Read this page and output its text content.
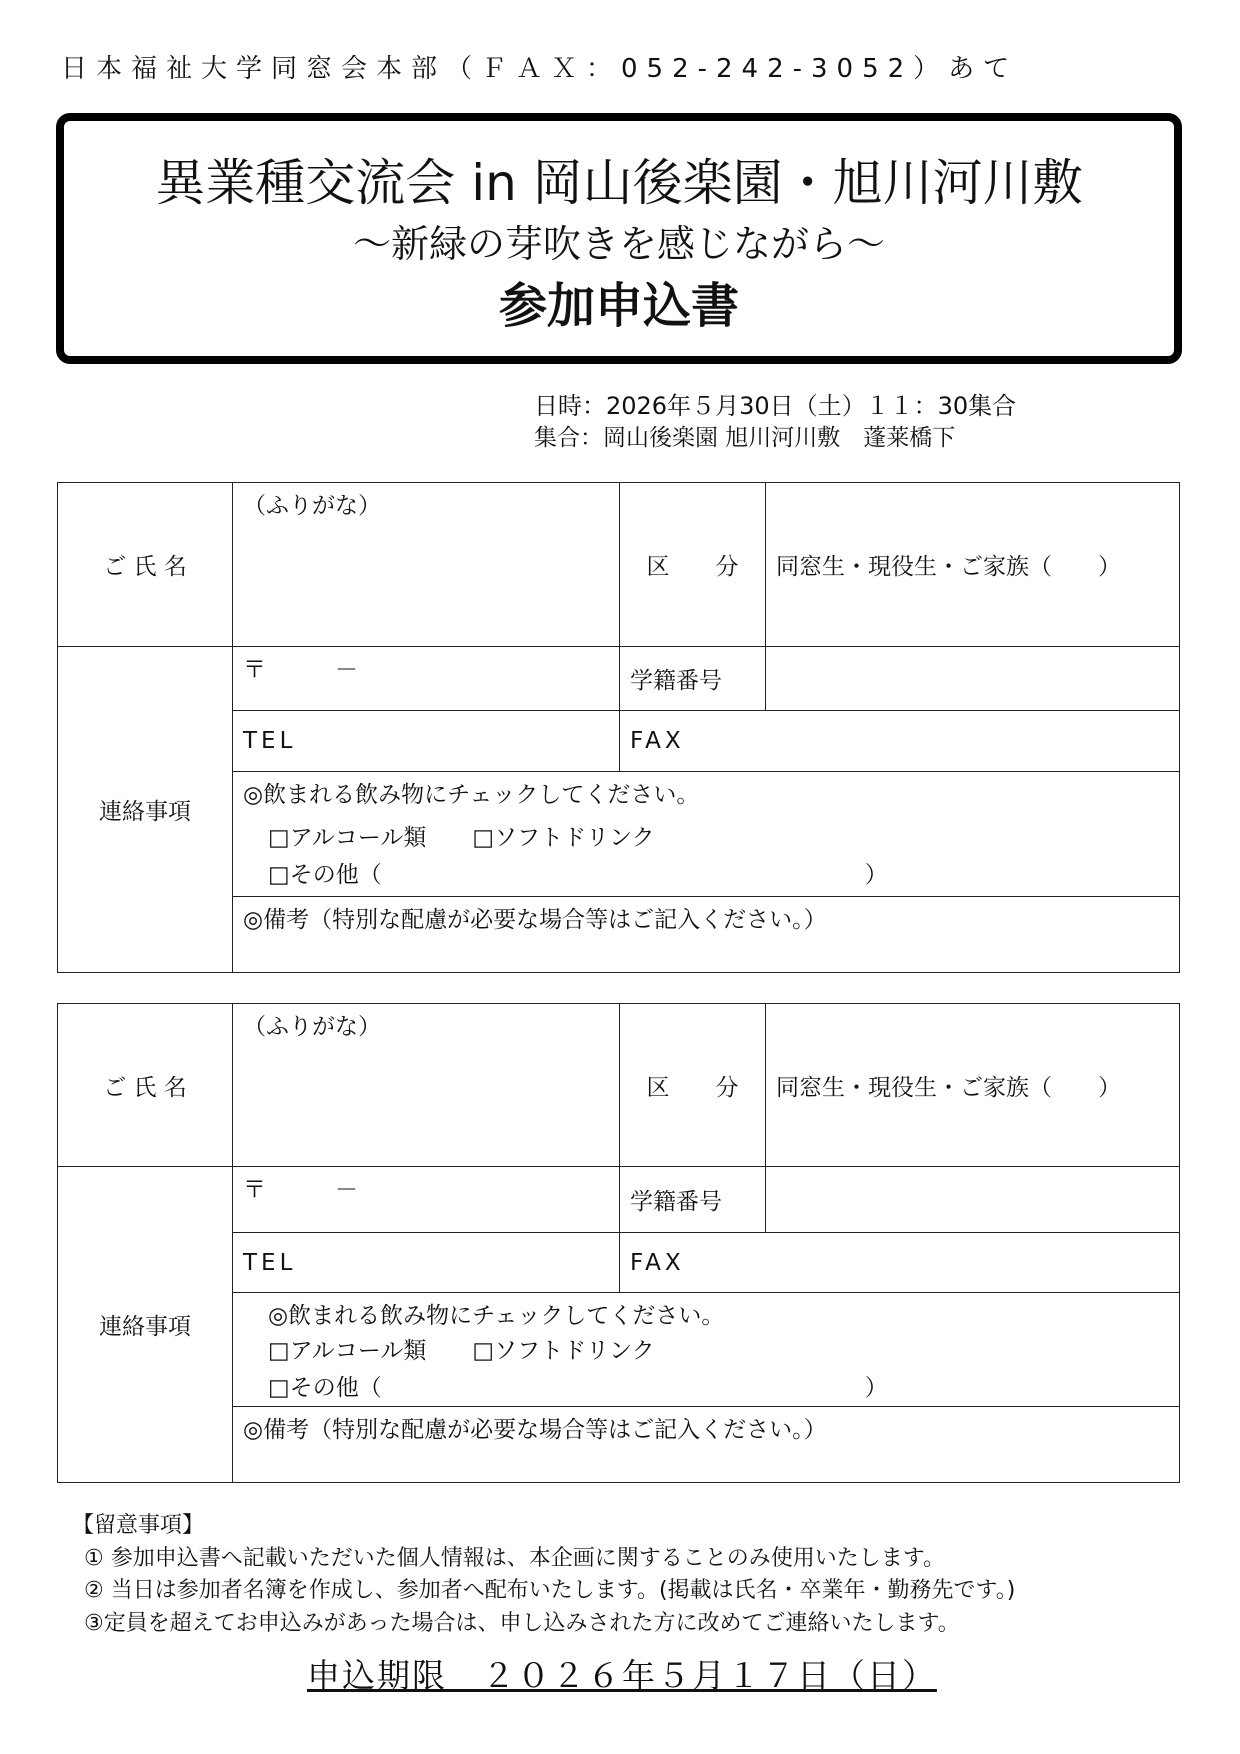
日本福祉大学同窓会本部（ＦＡＸ：052-242-3052）あて
異業種交流会 in 岡山後楽園・旭川河川敷
～新緑の芽吹きを感じながら～
参加申込書
日時：2026年５月30日（土）１１：30集合
集合：岡山後楽園 旭川河川敷　蓬莱橋下
ご 氏 名	（ふりがな）	区　　分	同窓生・現役生・ご家族（　　）
連絡事項	〒　　　－	学籍番号	
	TEL	FAX	

	◎飲まれる飲み物にチェックしてください。
□アルコール類　　□ソフトドリンク
□その他（　　　　　　　　　　　　　　　　　　　　　）		

	◎備考（特別な配慮が必要な場合等はご記入ください。）		
ご 氏 名	（ふりがな）	区　　分	同窓生・現役生・ご家族（　　）
連絡事項	〒　　　－	学籍番号	
	TEL	FAX	

	◎飲まれる飲み物にチェックしてください。
□アルコール類　　□ソフトドリンク
□その他（　　　　　　　　　　　　　　　　　　　　　）		

	◎備考（特別な配慮が必要な場合等はご記入ください。）		
【留意事項】
① 参加申込書へ記載いただいた個人情報は、本企画に関することのみ使用いたします。
② 当日は参加者名簿を作成し、参加者へ配布いたします。(掲載は氏名・卒業年・勤務先です。)
③定員を超えてお申込みがあった場合は、申し込みされた方に改めてご連絡いたします。
申込期限　２０２６年５月１７日（日）
